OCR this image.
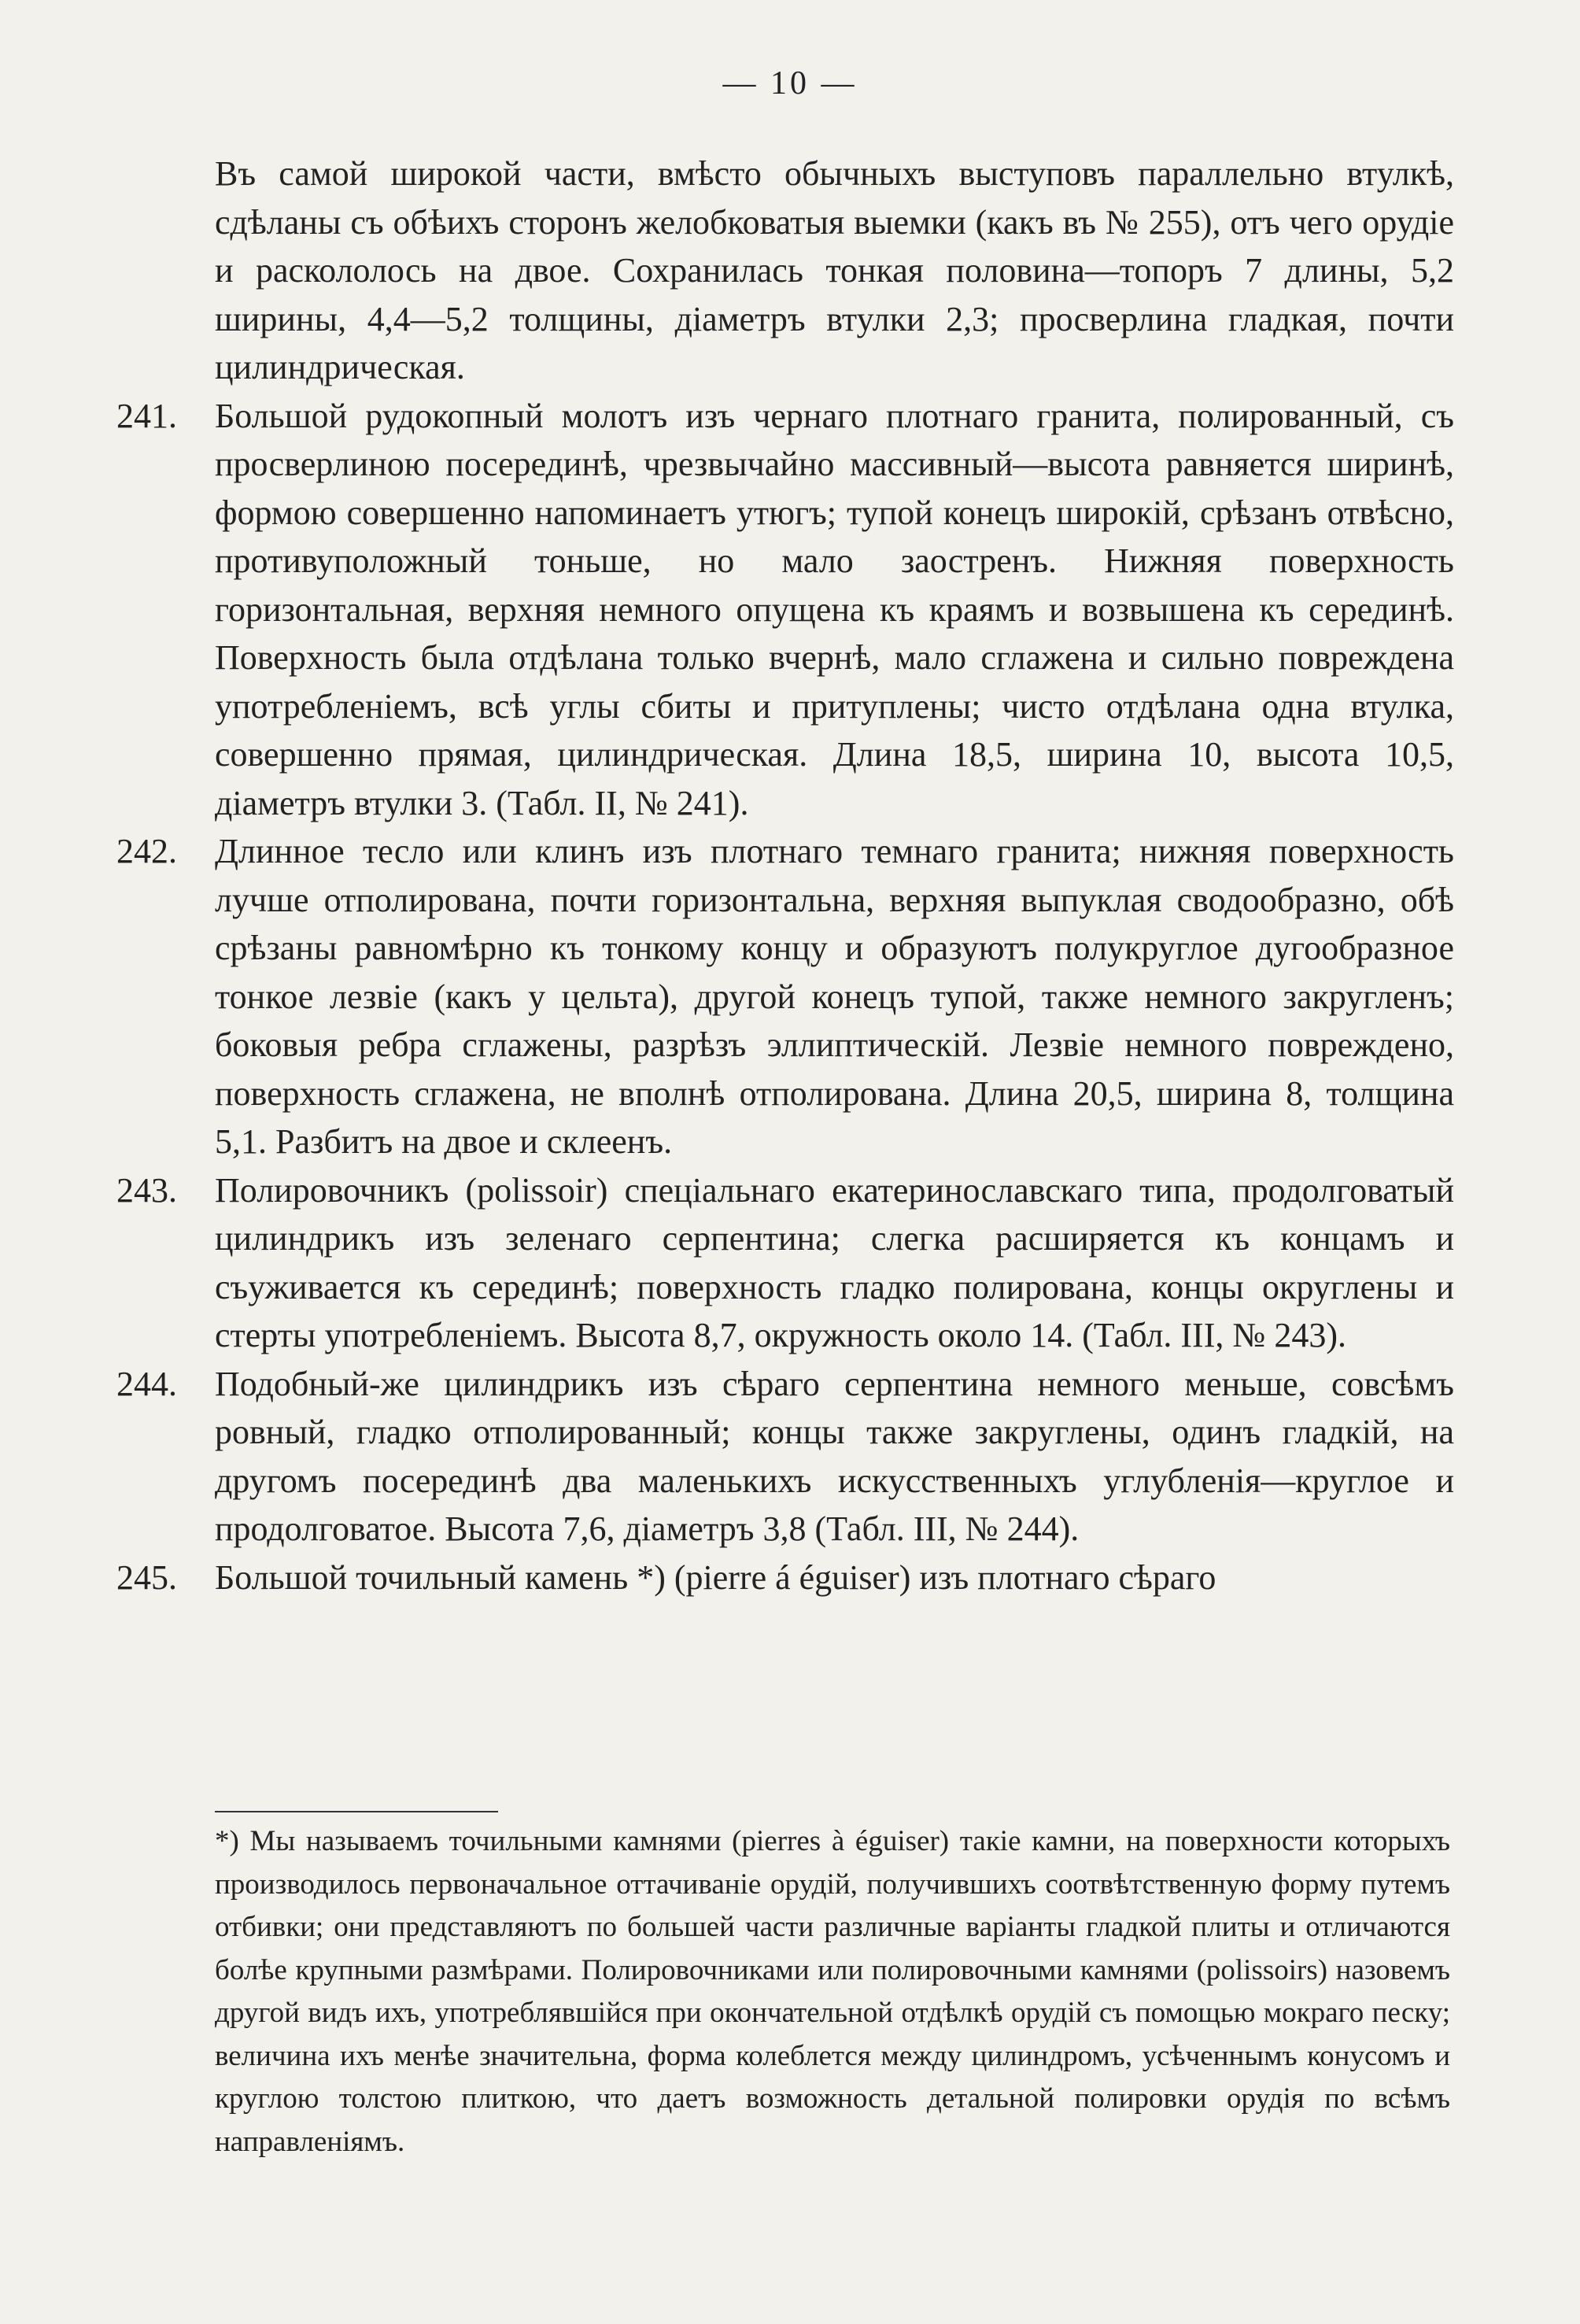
— 10 —

Въ самой широкой части, вмѣсто обычныхъ выступовъ параллельно втулкѣ, сдѣланы съ обѣихъ сторонъ желобковатыя выемки (какъ въ № 255), отъ чего орудіе и раскололось на двое. Сохранилась тонкая половина—топоръ 7 длины, 5,2 ширины, 4,4—5,2 толщины, діаметръ втулки 2,3; просверлина гладкая, почти цилиндрическая.

241. Большой рудокопный молотъ изъ чернаго плотнаго гранита, полированный, съ просверлиною посерединѣ, чрезвычайно массивный—высота равняется ширинѣ, формою совершенно напоминаетъ утюгъ; тупой конецъ широкій, срѣзанъ отвѣсно, противуположный тоньше, но мало заостренъ. Нижняя поверхность горизонтальная, верхняя немного опущена къ краямъ и возвышена къ серединѣ. Поверхность была отдѣлана только вчернѣ, мало сглажена и сильно повреждена употребленіемъ, всѣ углы сбиты и притуплены; чисто отдѣлана одна втулка, совершенно прямая, цилиндрическая. Длина 18,5, ширина 10, высота 10,5, діаметръ втулки 3. (Табл. II, № 241).

242. Длинное тесло или клинъ изъ плотнаго темнаго гранита; нижняя поверхность лучше отполирована, почти горизонтальна, верхняя выпуклая сводообразно, обѣ срѣзаны равномѣрно къ тонкому концу и образуютъ полукруглое дугообразное тонкое лезвіе (какъ у цельта), другой конецъ тупой, также немного закругленъ; боковыя ребра сглажены, разрѣзъ эллиптическій. Лезвіе немного повреждено, поверхность сглажена, не вполнѣ отполирована. Длина 20,5, ширина 8, толщина 5,1. Разбитъ на двое и склеенъ.

243. Полировочникъ (polissoir) спеціальнаго екатеринославскаго типа, продолговатый цилиндрикъ изъ зеленаго серпентина; слегка расширяется къ концамъ и съуживается къ серединѣ; поверхность гладко полирована, концы округлены и стерты употребленіемъ. Высота 8,7, окружность около 14. (Табл. III, № 243).

244. Подобный-же цилиндрикъ изъ сѣраго серпентина немного меньше, совсѣмъ ровный, гладко отполированный; концы также закруглены, одинъ гладкій, на другомъ посерединѣ два маленькихъ искусственныхъ углубленія—круглое и продолговатое. Высота 7,6, діаметръ 3,8 (Табл. III, № 244).

245. Большой точильный камень *) (pierre á éguiser) изъ плотнаго сѣраго

*) Мы называемъ точильными камнями (pierres à éguiser) такіе камни, на поверхности которыхъ производилось первоначальное оттачиваніе орудій, получившихъ соотвѣтственную форму путемъ отбивки; они представляютъ по большей части различные варіанты гладкой плиты и отличаются болѣе крупными размѣрами. Полировочниками или полировочными камнями (polissoirs) назовемъ другой видъ ихъ, употреблявшійся при окончательной отдѣлкѣ орудій съ помощью мокраго песку; величина ихъ менѣе значительна, форма колеблется между цилиндромъ, усѣченнымъ конусомъ и круглою толстою плиткою, что даетъ возможность детальной полировки орудія по всѣмъ направленіямъ.
